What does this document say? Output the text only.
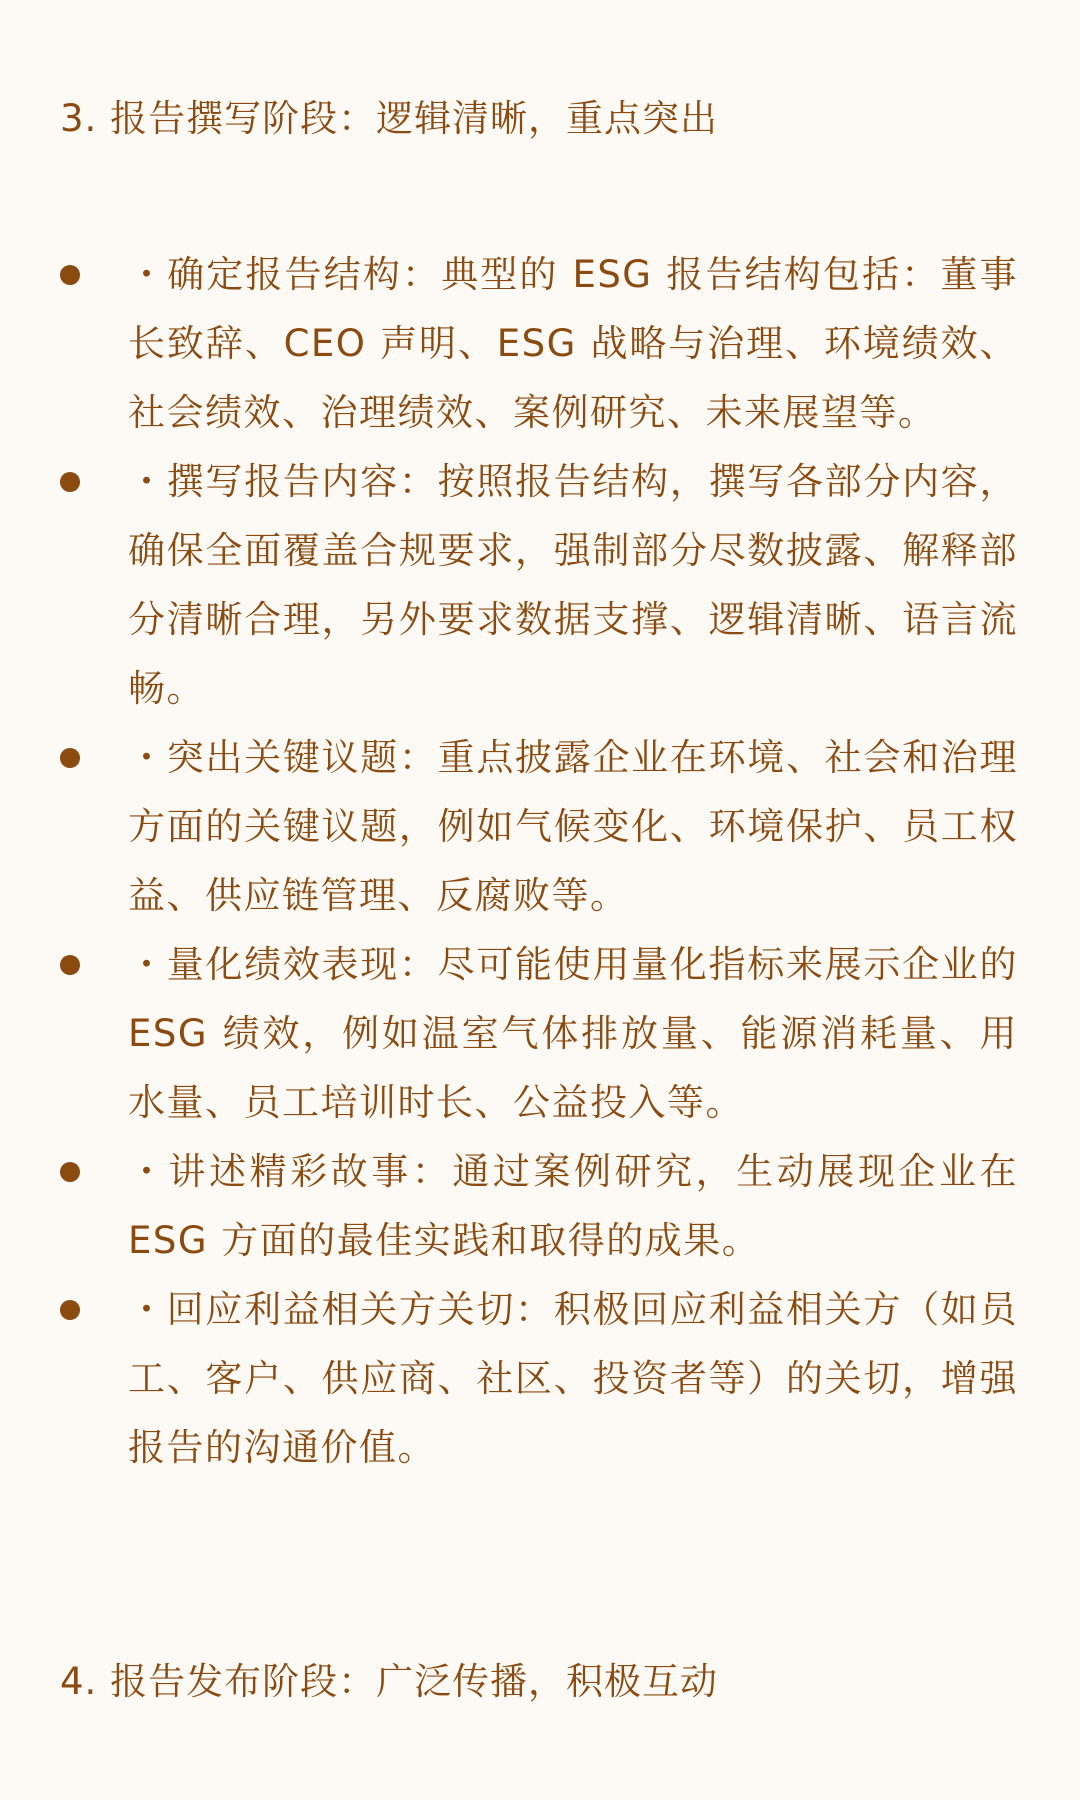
3. 报告撰写阶段：逻辑清晰，重点突出
・确定报告结构：典型的 ESG 报告结构包括：董事长致辞、CEO 声明、ESG 战略与治理、环境绩效、社会绩效、治理绩效、案例研究、未来展望等。
・撰写报告内容：按照报告结构，撰写各部分内容，确保全面覆盖合规要求，强制部分尽数披露、解释部分清晰合理，另外要求数据支撑、逻辑清晰、语言流畅。
・突出关键议题：重点披露企业在环境、社会和治理方面的关键议题，例如气候变化、环境保护、员工权益、供应链管理、反腐败等。
・量化绩效表现：尽可能使用量化指标来展示企业的 ESG 绩效，例如温室气体排放量、能源消耗量、用水量、员工培训时长、公益投入等。
・讲述精彩故事：通过案例研究，生动展现企业在 ESG 方面的最佳实践和取得的成果。
・回应利益相关方关切：积极回应利益相关方（如员工、客户、供应商、社区、投资者等）的关切，增强报告的沟通价值。
4. 报告发布阶段：广泛传播，积极互动
